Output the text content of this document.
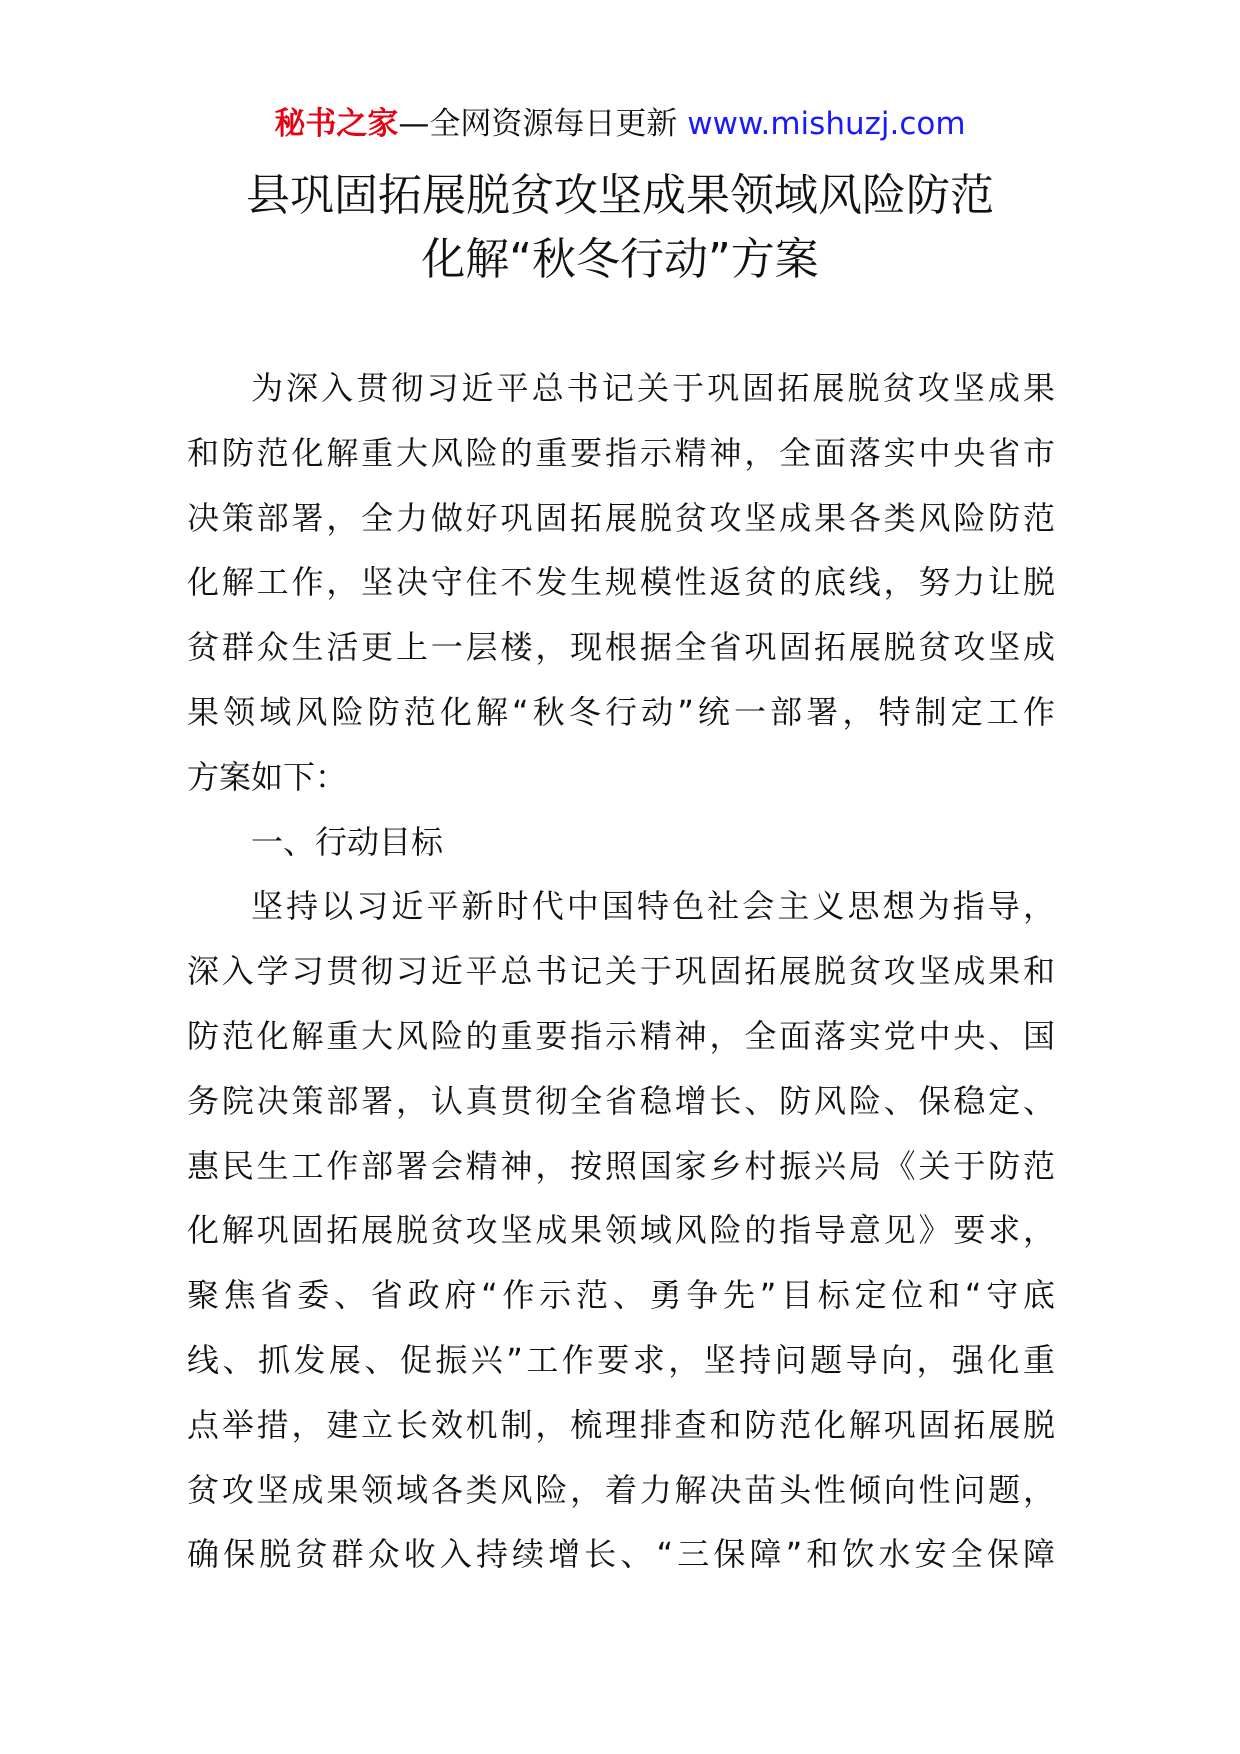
秘书之家—全网资源每日更新 www.mishuzj.com
县巩固拓展脱贫攻坚成果领域风险防范
化解“秋冬行动”方案
为深入贯彻习近平总书记关于巩固拓展脱贫攻坚成果
和防范化解重大风险的重要指示精神，全面落实中央省市
决策部署，全力做好巩固拓展脱贫攻坚成果各类风险防范
化解工作，坚决守住不发生规模性返贫的底线，努力让脱
贫群众生活更上一层楼，现根据全省巩固拓展脱贫攻坚成
果领域风险防范化解“秋冬行动”统一部署，特制定工作
方案如下：
一、行动目标
坚持以习近平新时代中国特色社会主义思想为指导，
深入学习贯彻习近平总书记关于巩固拓展脱贫攻坚成果和
防范化解重大风险的重要指示精神，全面落实党中央、国
务院决策部署，认真贯彻全省稳增长、防风险、保稳定、
惠民生工作部署会精神，按照国家乡村振兴局《关于防范
化解巩固拓展脱贫攻坚成果领域风险的指导意见》要求，
聚焦省委、省政府“作示范、勇争先”目标定位和“守底
线、抓发展、促振兴”工作要求，坚持问题导向，强化重
点举措，建立长效机制，梳理排查和防范化解巩固拓展脱
贫攻坚成果领域各类风险，着力解决苗头性倾向性问题，
确保脱贫群众收入持续增长、“三保障”和饮水安全保障
